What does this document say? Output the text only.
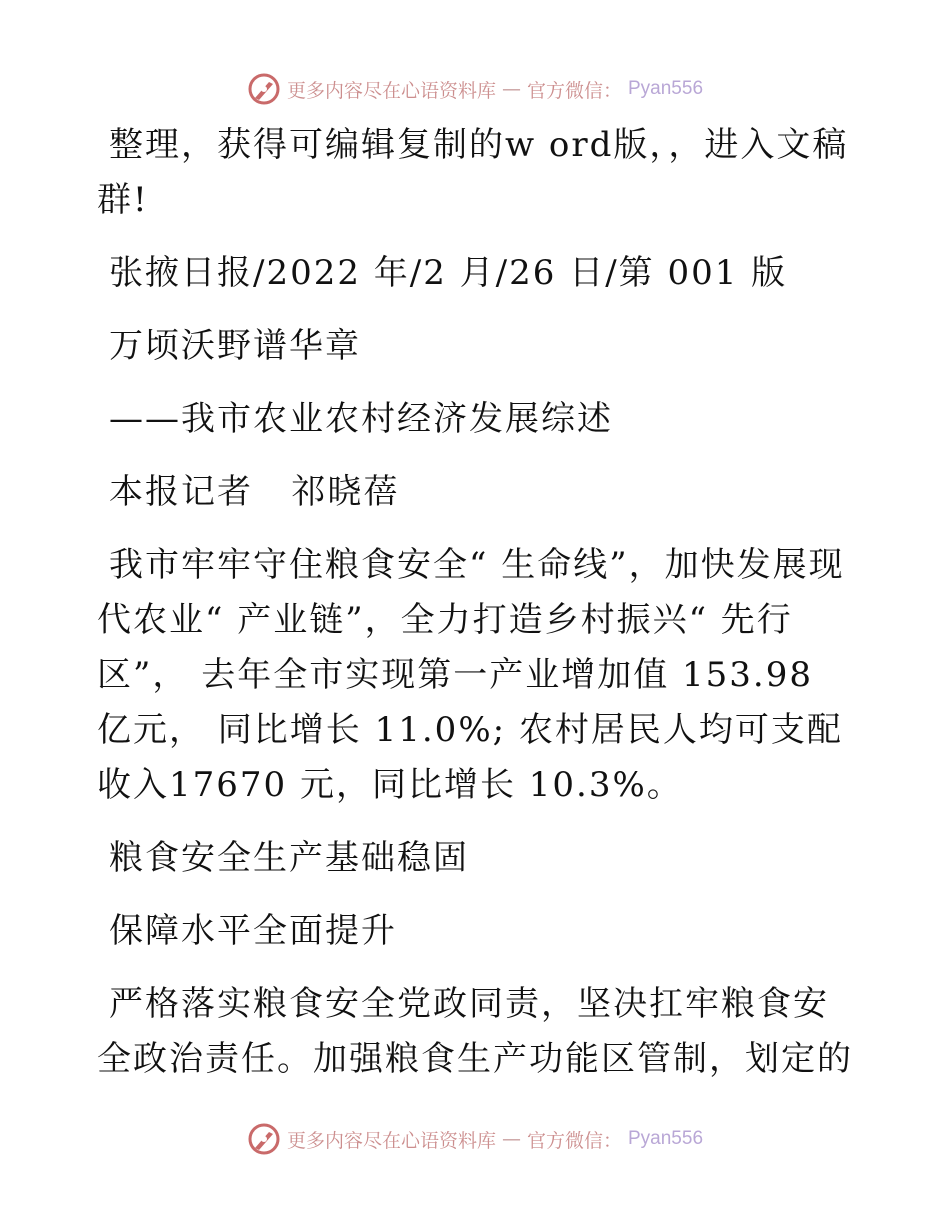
更多内容尽在心语资料库 — 官方微信： Pyan556

整理，获得可编辑复制的w ord版，，进入文稿群!

张掖日报/2022 年/2 月/26 日/第 001 版

万顷沃野谱华章

——我市农业农村经济发展综述

本报记者   祁晓蓓

我市牢牢守住粮食安全“ 生命线”，加快发展现代农业“ 产业链”，全力打造乡村振兴“ 先行区”， 去年全市实现第一产业增加值 153.98 亿元， 同比增长 11.0%; 农村居民人均可支配收入17670 元，同比增长 10.3%。

粮食安全生产基础稳固

保障水平全面提升

严格落实粮食安全党政同责，坚决扛牢粮食安全政治责任。加强粮食生产功能区管制，划定的

更多内容尽在心语资料库 — 官方微信： Pyan556
